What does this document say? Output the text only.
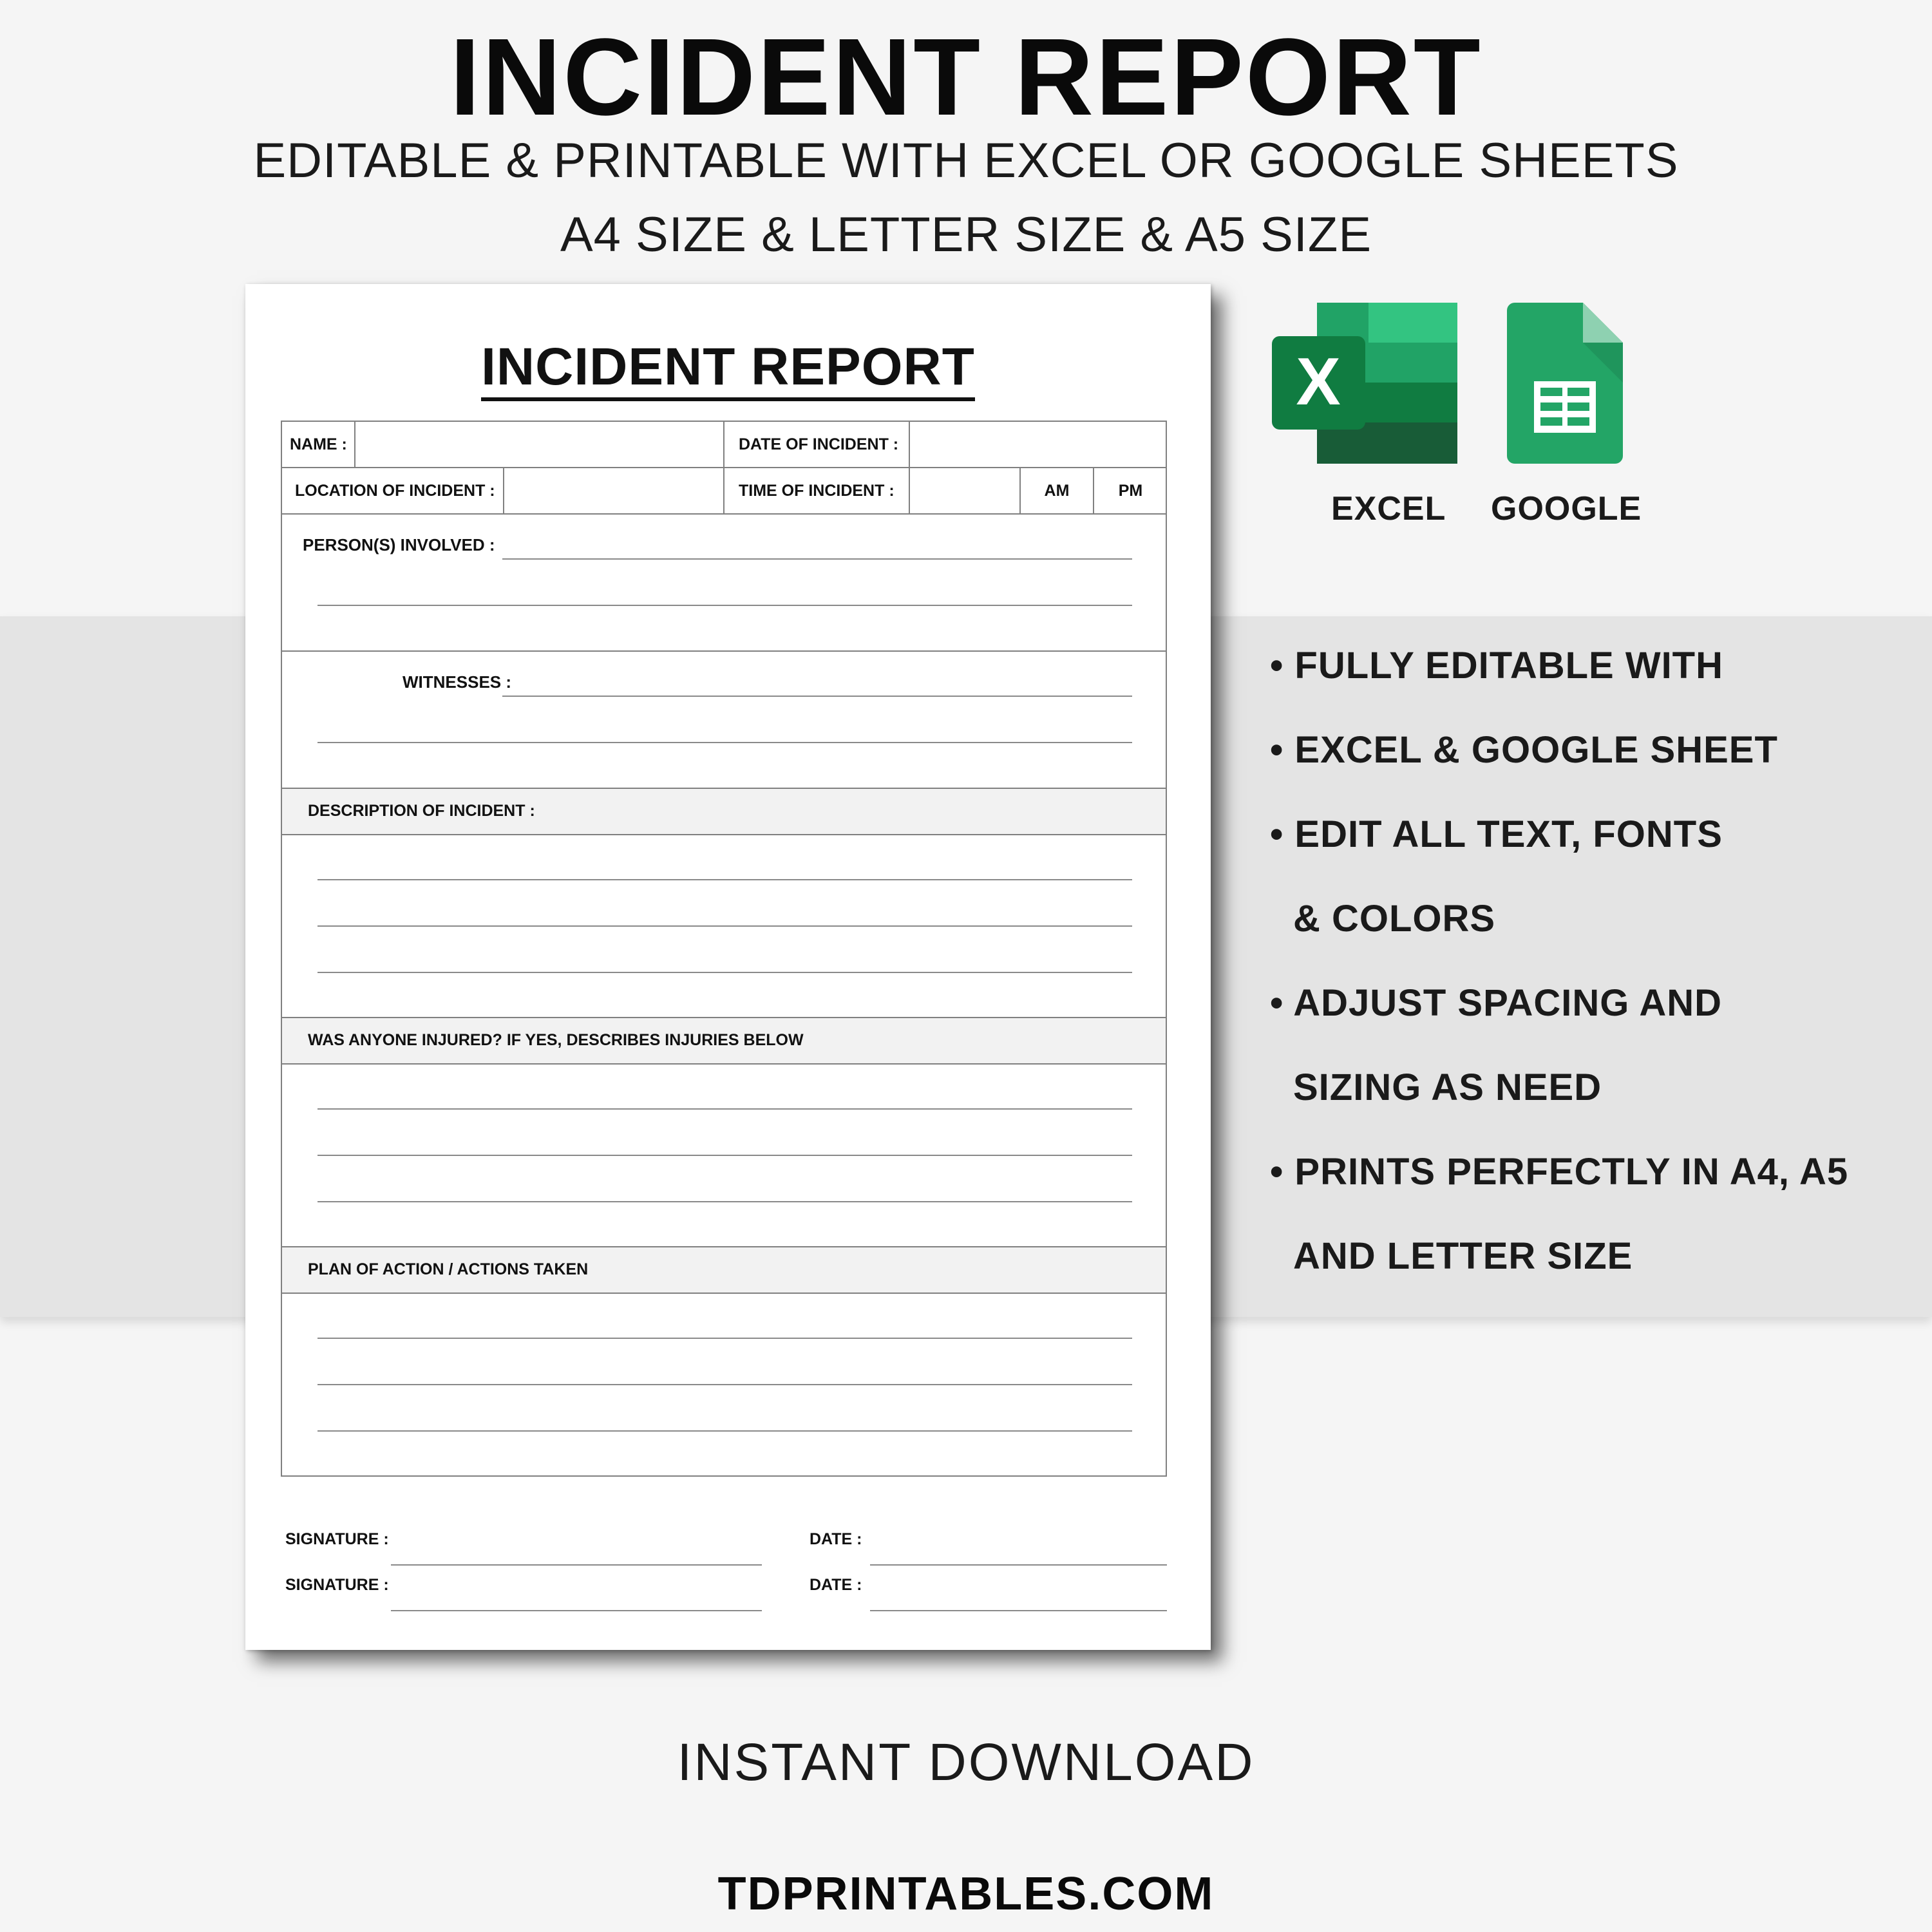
INCIDENT REPORT
EDITABLE & PRINTABLE WITH EXCEL OR GOOGLE SHEETS
A4 SIZE & LETTER SIZE & A5 SIZE
INCIDENT REPORT
NAME :	DATE OF INCIDENT :
LOCATION OF INCIDENT :	TIME OF INCIDENT :	AM	PM
PERSON(S) INVOLVED :
WITNESSES :
DESCRIPTION OF INCIDENT :
WAS ANYONE INJURED? IF YES, DESCRIBES INJURIES BELOW
PLAN OF ACTION / ACTIONS TAKEN
SIGNATURE :	DATE :
SIGNATURE :	DATE :
X
EXCEL GOOGLE
• FULLY EDITABLE WITH
• EXCEL & GOOGLE SHEET
• EDIT ALL TEXT, FONTS
& COLORS
• ADJUST SPACING AND
SIZING AS NEED
• PRINTS PERFECTLY IN A4, A5
AND LETTER SIZE
INSTANT DOWNLOAD
TDPRINTABLES.COM
